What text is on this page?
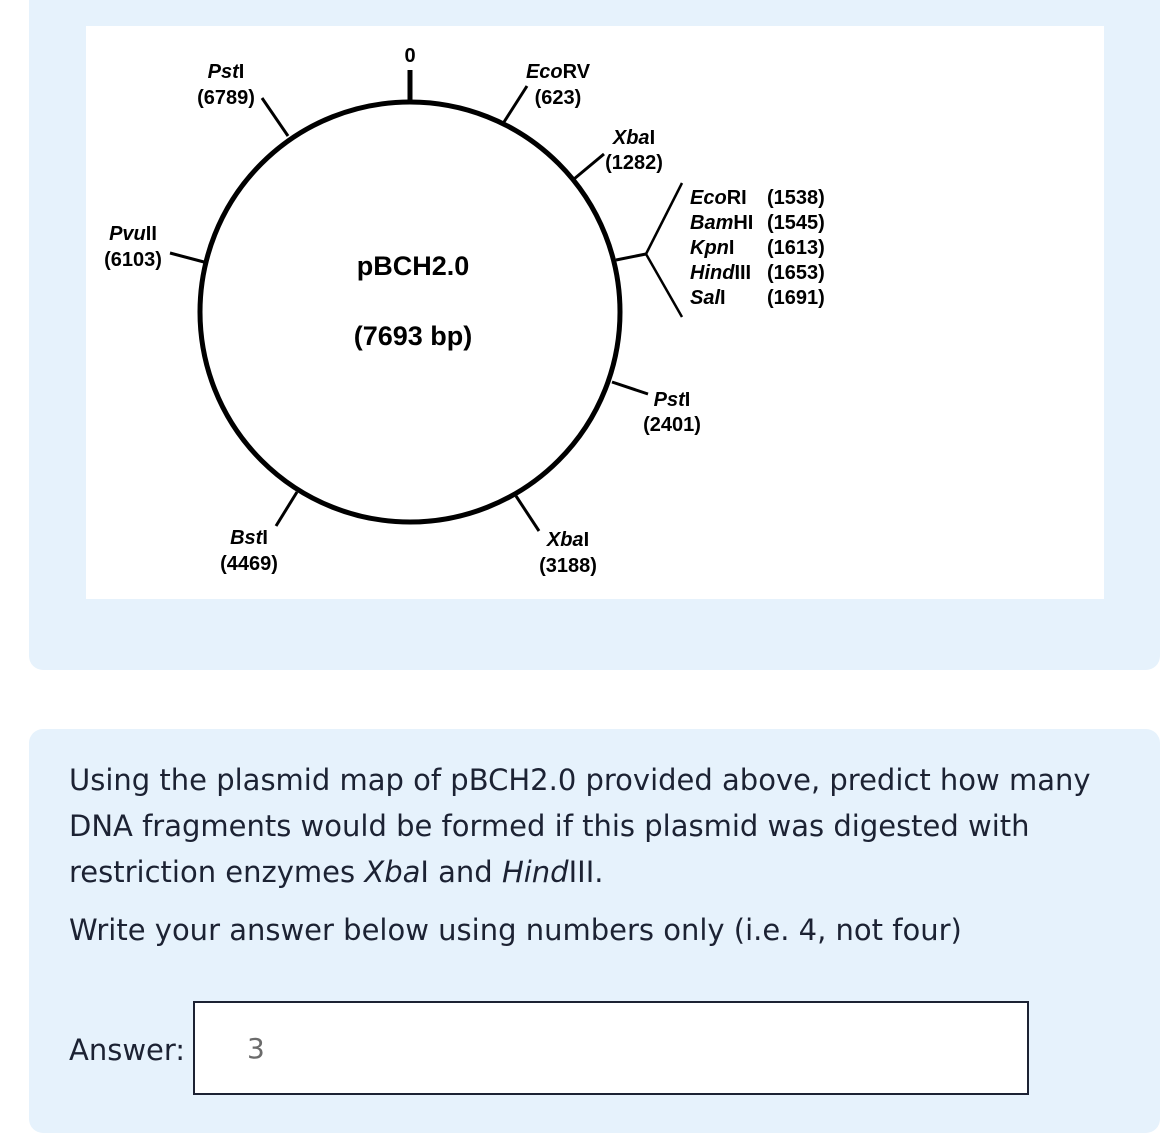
0
pBCH2.0
(7693 bp)
PstI
(6789)
EcoRV
(623)
XbaI
(1282)
PvuII
(6103)
PstI
(2401)
BstI
(4469)
XbaI
(3188)
EcoRI (1538)
BamHI (1545)
KpnI (1613)
HindIII (1653)
SalI (1691)

Using the plasmid map of pBCH2.0 provided above, predict how many DNA fragments would be formed if this plasmid was digested with restriction enzymes XbaI and HindIII.

Write your answer below using numbers only (i.e. 4, not four)

Answer:
3
